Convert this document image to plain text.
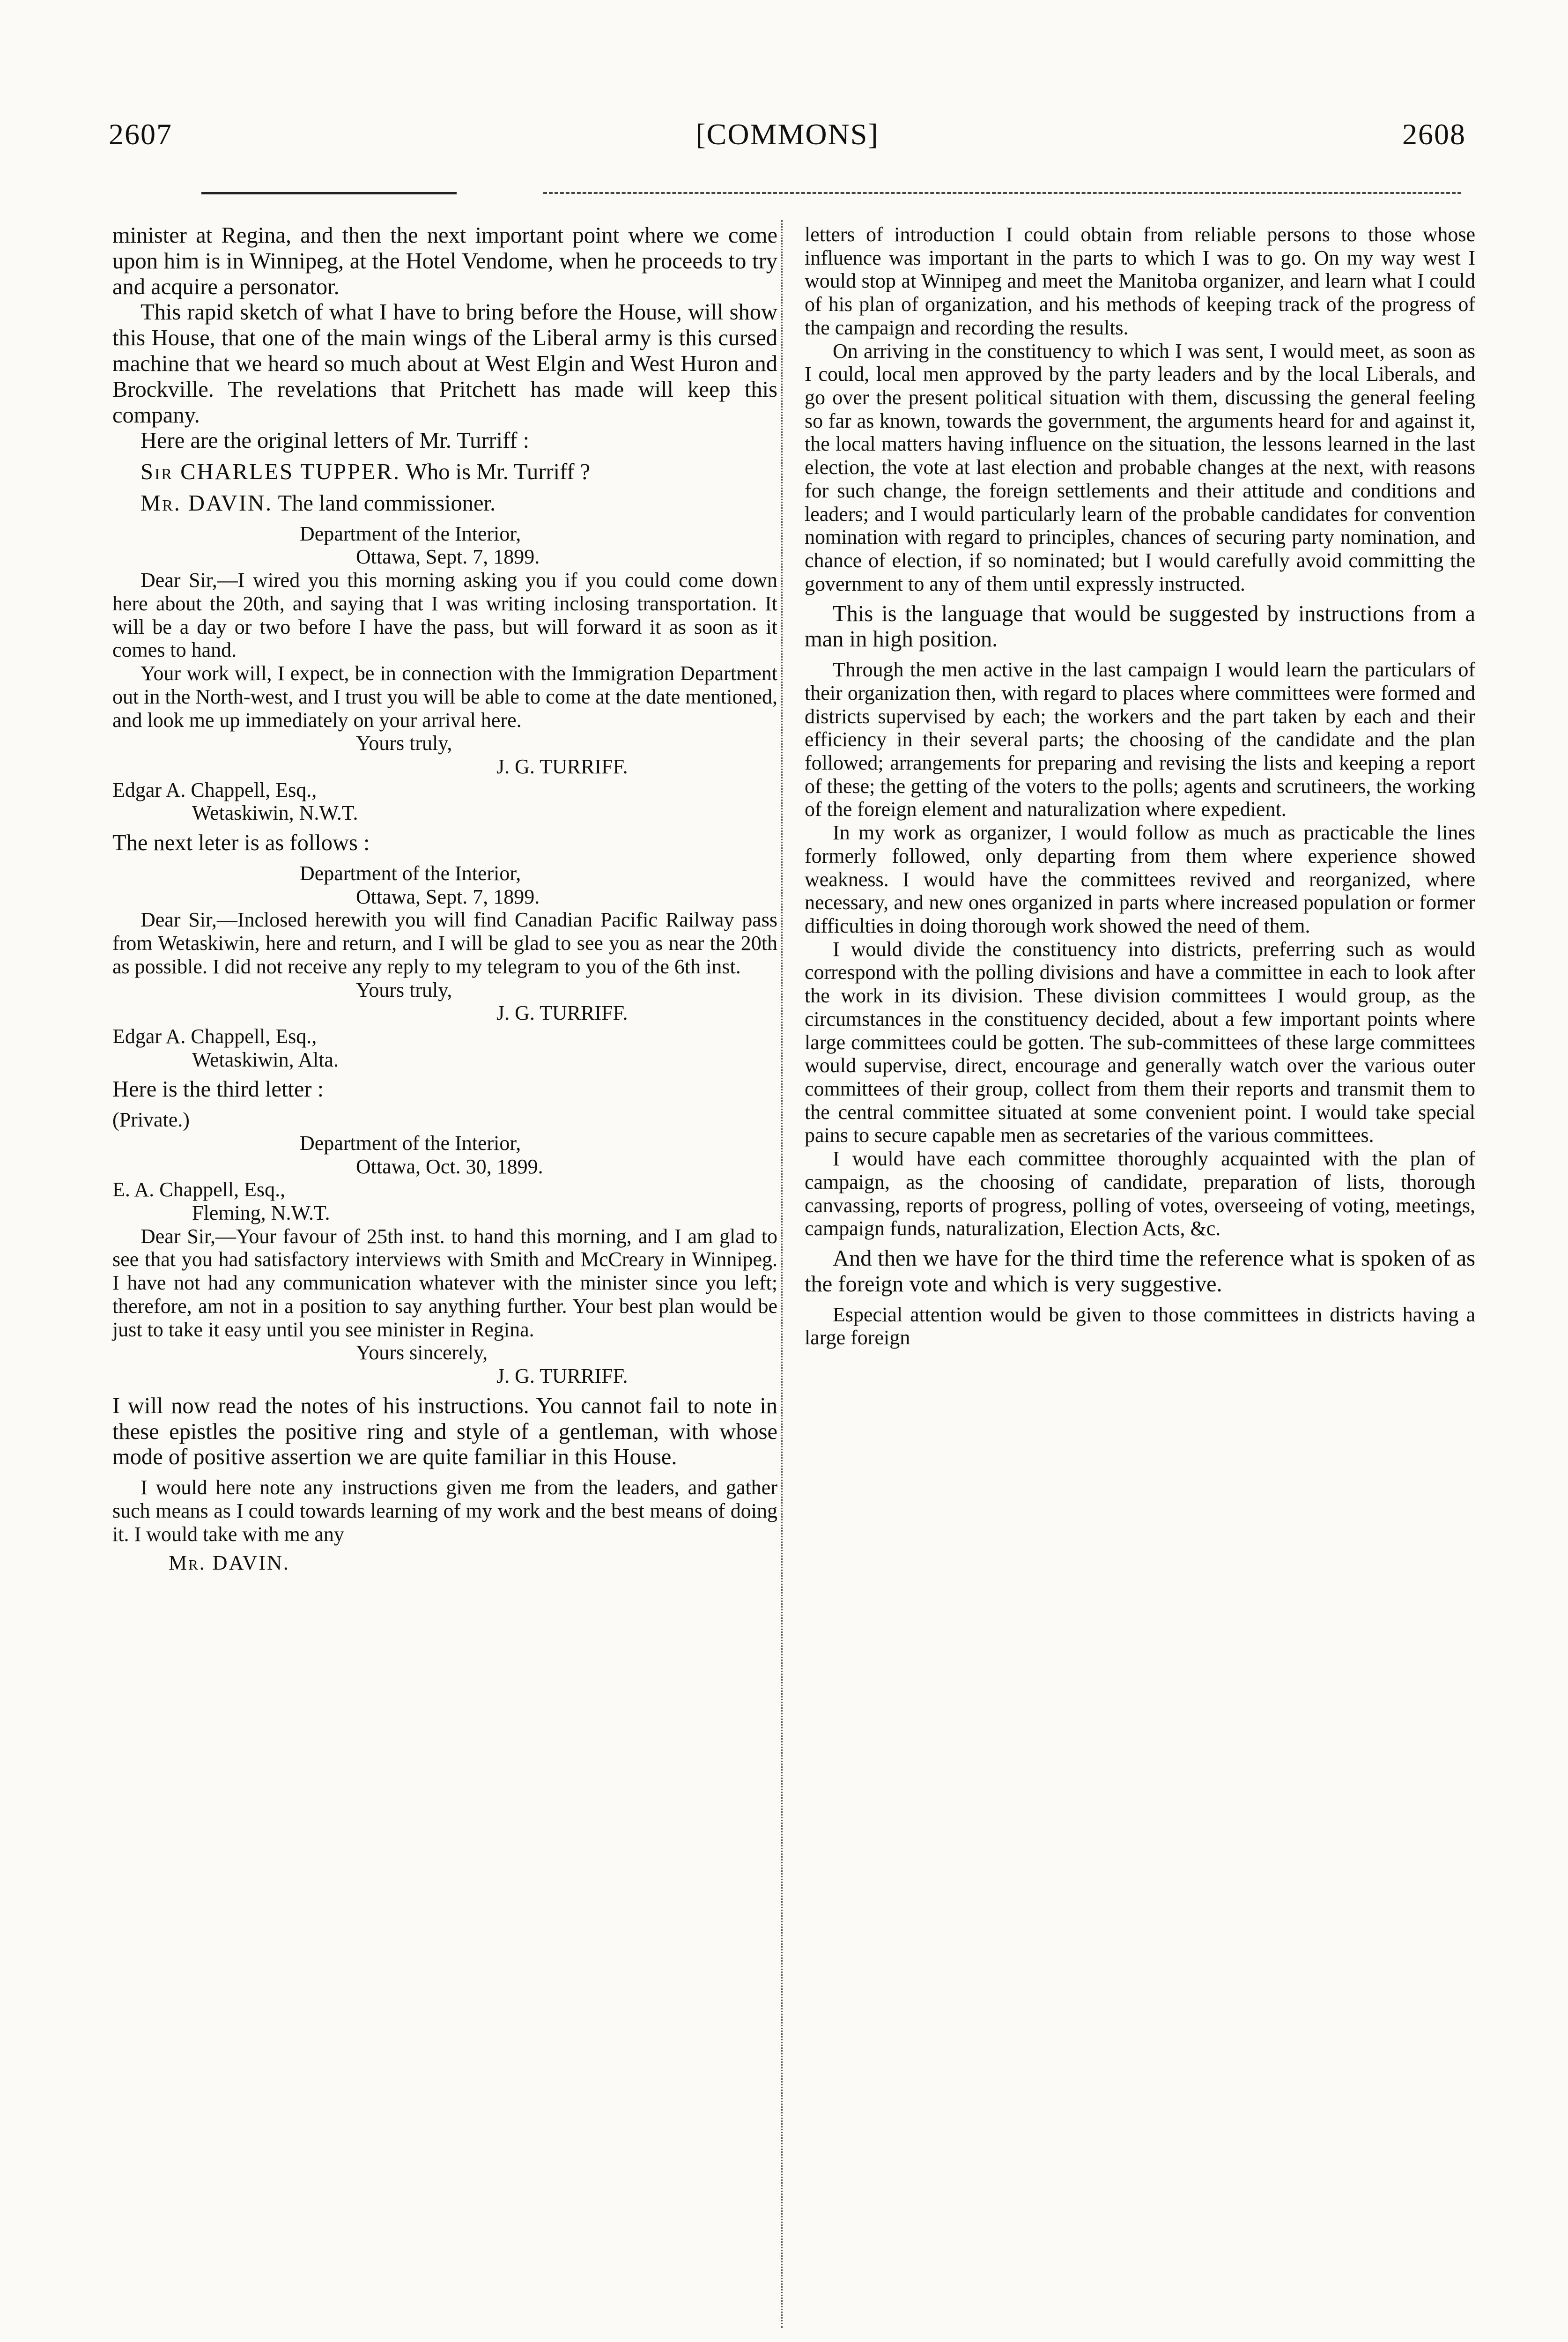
2607	[COMMONS]	2608

minister at Regina, and then the next important point where we come upon him is in Winnipeg, at the Hotel Vendome, when he proceeds to try and acquire a personator.

This rapid sketch of what I have to bring before the House, will show this House, that one of the main wings of the Liberal army is this cursed machine that we heard so much about at West Elgin and West Huron and Brockville. The revelations that Pritchett has made will keep this company.

Here are the original letters of Mr. Turriff :

Sir CHARLES TUPPER. Who is Mr. Turriff ?

Mr. DAVIN. The land commissioner.

Department of the Interior,

Ottawa, Sept. 7, 1899.

Dear Sir,—I wired you this morning asking you if you could come down here about the 20th, and saying that I was writing inclosing transportation. It will be a day or two before I have the pass, but will forward it as soon as it comes to hand.

Your work will, I expect, be in connection with the Immigration Department out in the North-west, and I trust you will be able to come at the date mentioned, and look me up immediately on your arrival here.

Yours truly,

J. G. TURRIFF.

Edgar A. Chappell, Esq.,

Wetaskiwin, N.W.T.

The next leter is as follows :

Department of the Interior,

Ottawa, Sept. 7, 1899.

Dear Sir,—Inclosed herewith you will find Canadian Pacific Railway pass from Wetaskiwin, here and return, and I will be glad to see you as near the 20th as possible. I did not receive any reply to my telegram to you of the 6th inst.

Yours truly,

J. G. TURRIFF.

Edgar A. Chappell, Esq.,

Wetaskiwin, Alta.

Here is the third letter :

(Private.)

Department of the Interior,

Ottawa, Oct. 30, 1899.

E. A. Chappell, Esq.,

Fleming, N.W.T.

Dear Sir,—Your favour of 25th inst. to hand this morning, and I am glad to see that you had satisfactory interviews with Smith and McCreary in Winnipeg. I have not had any communication whatever with the minister since you left; therefore, am not in a position to say anything further. Your best plan would be just to take it easy until you see minister in Regina.

Yours sincerely,

J. G. TURRIFF.

I will now read the notes of his instructions. You cannot fail to note in these epistles the positive ring and style of a gentleman, with whose mode of positive assertion we are quite familiar in this House.

I would here note any instructions given me from the leaders, and gather such means as I could towards learning of my work and the best means of doing it. I would take with me any

Mr. DAVIN.

letters of introduction I could obtain from reliable persons to those whose influence was important in the parts to which I was to go. On my way west I would stop at Winnipeg and meet the Manitoba organizer, and learn what I could of his plan of organization, and his methods of keeping track of the progress of the campaign and recording the results.

On arriving in the constituency to which I was sent, I would meet, as soon as I could, local men approved by the party leaders and by the local Liberals, and go over the present political situation with them, discussing the general feeling so far as known, towards the government, the arguments heard for and against it, the local matters having influence on the situation, the lessons learned in the last election, the vote at last election and probable changes at the next, with reasons for such change, the foreign settlements and their attitude and conditions and leaders; and I would particularly learn of the probable candidates for convention nomination with regard to principles, chances of securing party nomination, and chance of election, if so nominated; but I would carefully avoid committing the government to any of them until expressly instructed.

This is the language that would be suggested by instructions from a man in high position.

Through the men active in the last campaign I would learn the particulars of their organization then, with regard to places where committees were formed and districts supervised by each; the workers and the part taken by each and their efficiency in their several parts; the choosing of the candidate and the plan followed; arrangements for preparing and revising the lists and keeping a report of these; the getting of the voters to the polls; agents and scrutineers, the working of the foreign element and naturalization where expedient.

In my work as organizer, I would follow as much as practicable the lines formerly followed, only departing from them where experience showed weakness. I would have the committees revived and reorganized, where necessary, and new ones organized in parts where increased population or former difficulties in doing thorough work showed the need of them.

I would divide the constituency into districts, preferring such as would correspond with the polling divisions and have a committee in each to look after the work in its division. These division committees I would group, as the circumstances in the constituency decided, about a few important points where large committees could be gotten. The sub-committees of these large committees would supervise, direct, encourage and generally watch over the various outer committees of their group, collect from them their reports and transmit them to the central committee situated at some convenient point. I would take special pains to secure capable men as secretaries of the various committees.

I would have each committee thoroughly acquainted with the plan of campaign, as the choosing of candidate, preparation of lists, thorough canvassing, reports of progress, polling of votes, overseeing of voting, meetings, campaign funds, naturalization, Election Acts, &c.

And then we have for the third time the reference what is spoken of as the foreign vote and which is very suggestive.

Especial attention would be given to those committees in districts having a large foreign
